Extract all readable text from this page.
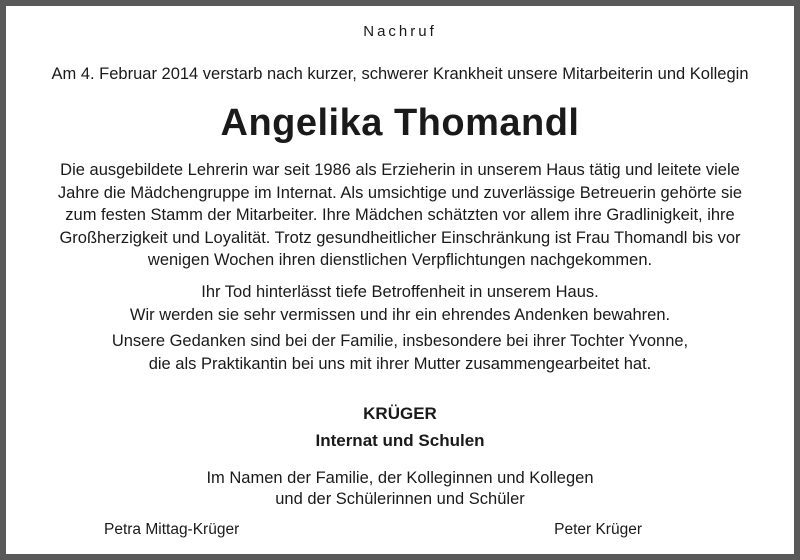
Nachruf
Am 4. Februar 2014 verstarb nach kurzer, schwerer Krankheit unsere Mitarbeiterin und Kollegin
Angelika Thomandl
Die ausgebildete Lehrerin war seit 1986 als Erzieherin in unserem Haus tätig und leitete viele
Jahre die Mädchengruppe im Internat. Als umsichtige und zuverlässige Betreuerin gehörte sie
zum festen Stamm der Mitarbeiter. Ihre Mädchen schätzten vor allem ihre Gradlinigkeit, ihre
Großherzigkeit und Loyalität. Trotz gesundheitlicher Einschränkung ist Frau Thomandl bis vor
wenigen Wochen ihren dienstlichen Verpflichtungen nachgekommen.
Ihr Tod hinterlässt tiefe Betroffenheit in unserem Haus.
Wir werden sie sehr vermissen und ihr ein ehrendes Andenken bewahren.
Unsere Gedanken sind bei der Familie, insbesondere bei ihrer Tochter Yvonne,
die als Praktikantin bei uns mit ihrer Mutter zusammengearbeitet hat.
KRÜGER
Internat und Schulen
Im Namen der Familie, der Kolleginnen und Kollegen
und der Schülerinnen und Schüler
Petra Mittag-Krüger	Peter Krüger
